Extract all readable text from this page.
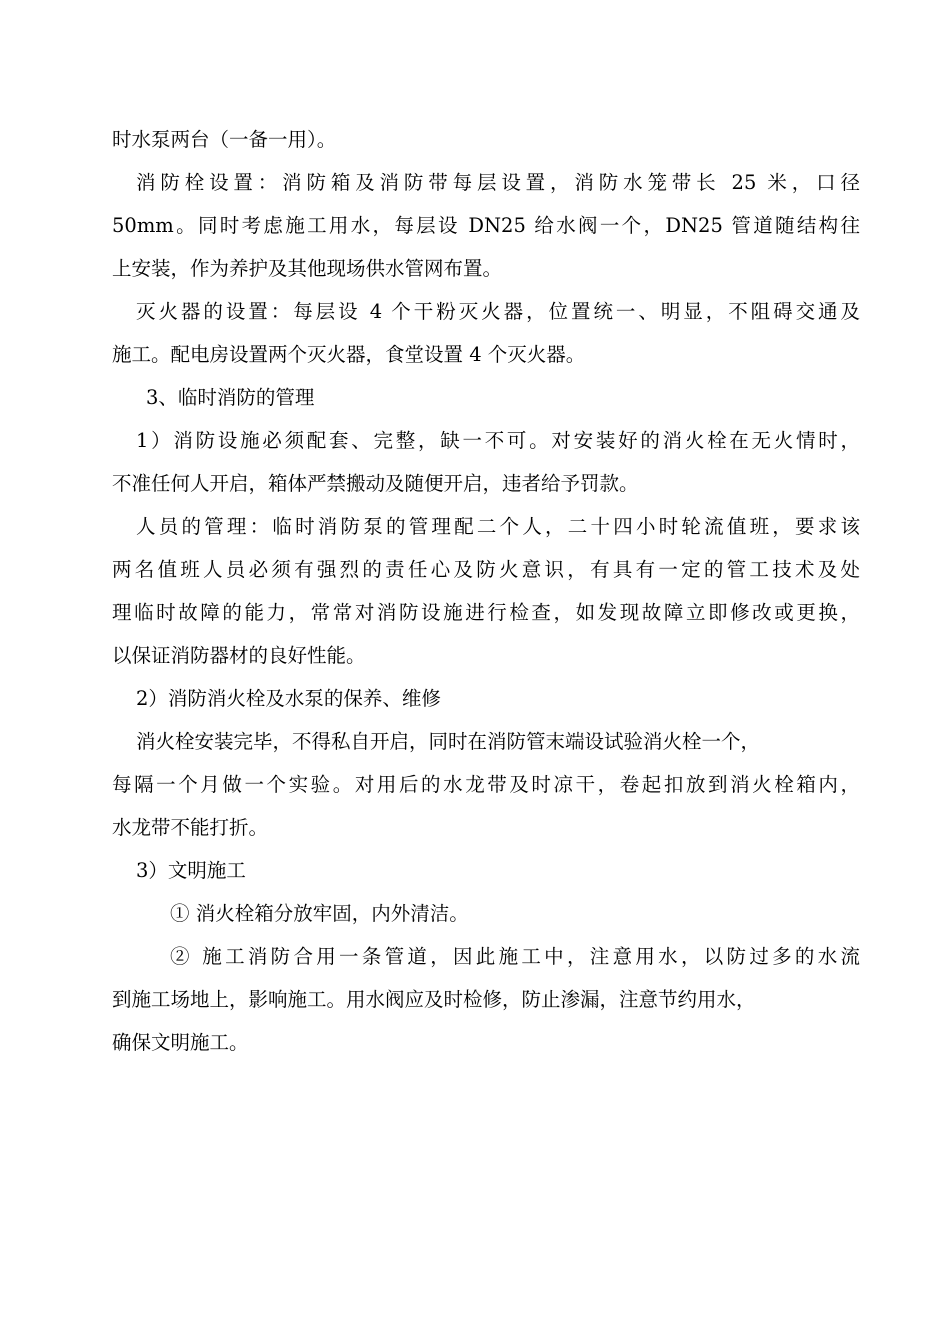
时水泵两台（一备一用）。
消防栓设置：消防箱及消防带每层设置，消防水笼带长 25 米，口径
50mm。同时考虑施工用水，每层设 DN25 给水阀一个，DN25 管道随结构往
上安装，作为养护及其他现场供水管网布置。
灭火器的设置：每层设 4 个干粉灭火器，位置统一、明显，不阻碍交通及
施工。配电房设置两个灭火器，食堂设置 4 个灭火器。
3、临时消防的管理
1）消防设施必须配套、完整，缺一不可。对安装好的消火栓在无火情时，
不准任何人开启，箱体严禁搬动及随便开启，违者给予罚款。
人员的管理：临时消防泵的管理配二个人，二十四小时轮流值班，要求该
两名值班人员必须有强烈的责任心及防火意识，有具有一定的管工技术及处
理临时故障的能力，常常对消防设施进行检查，如发现故障立即修改或更换，
以保证消防器材的良好性能。
2）消防消火栓及水泵的保养、维修
消火栓安装完毕，不得私自开启，同时在消防管末端设试验消火栓一个，
每隔一个月做一个实验。对用后的水龙带及时凉干，卷起扣放到消火栓箱内，
水龙带不能打折。
3）文明施工
① 消火栓箱分放牢固，内外清洁。
② 施工消防合用一条管道，因此施工中，注意用水，以防过多的水流
到施工场地上，影响施工。用水阀应及时检修，防止渗漏，注意节约用水，
确保文明施工。
